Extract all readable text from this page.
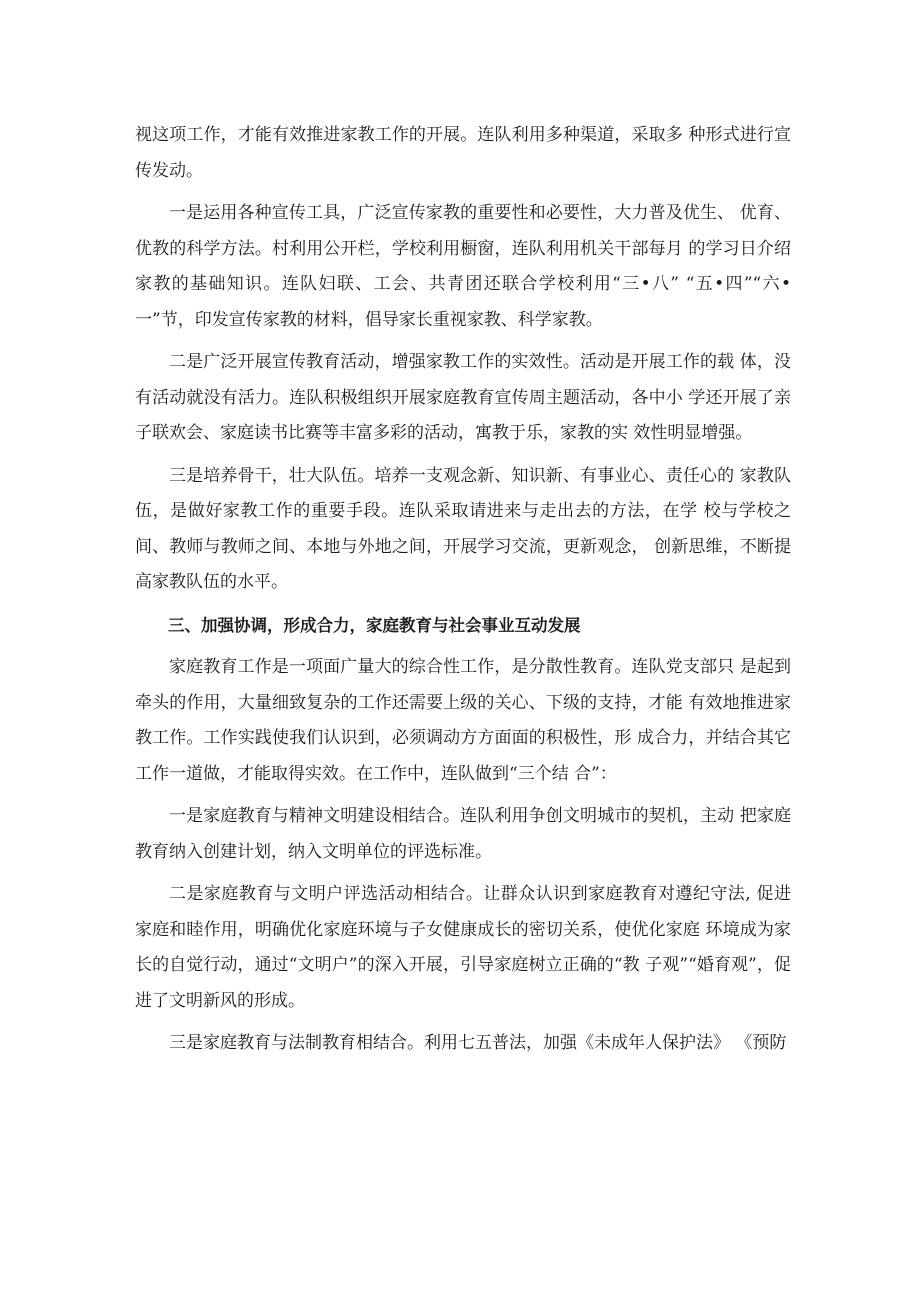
视这项工作，才能有效推进家教工作的开展。连队利用多种渠道，采取多 种形式进行宣传发动。

一是运用各种宣传工具，广泛宣传家教的重要性和必要性，大力普及优生、 优育、优教的科学方法。村利用公开栏，学校利用橱窗，连队利用机关干部每月 的学习日介绍家教的基础知识。连队妇联、工会、共青团还联合学校利用“三•八” “五•四”“六•一”节，印发宣传家教的材料，倡导家长重视家教、科学家教。

二是广泛开展宣传教育活动，增强家教工作的实效性。活动是开展工作的载 体，没有活动就没有活力。连队积极组织开展家庭教育宣传周主题活动，各中小 学还开展了亲子联欢会、家庭读书比赛等丰富多彩的活动，寓教于乐，家教的实 效性明显增强。

三是培养骨干，壮大队伍。培养一支观念新、知识新、有事业心、责任心的 家教队伍，是做好家教工作的重要手段。连队采取请进来与走出去的方法，在学 校与学校之间、教师与教师之间、本地与外地之间，开展学习交流，更新观念， 创新思维，不断提高家教队伍的水平。

三、加强协调，形成合力，家庭教育与社会事业互动发展

家庭教育工作是一项面广量大的综合性工作，是分散性教育。连队党支部只 是起到牵头的作用，大量细致复杂的工作还需要上级的关心、下级的支持，才能 有效地推进家教工作。工作实践使我们认识到，必须调动方方面面的积极性，形 成合力，并结合其它工作一道做，才能取得实效。在工作中，连队做到“三个结 合”：

一是家庭教育与精神文明建设相结合。连队利用争创文明城市的契机，主动 把家庭教育纳入创建计划，纳入文明单位的评选标准。

二是家庭教育与文明户评选活动相结合。让群众认识到家庭教育对遵纪守法, 促进家庭和睦作用，明确优化家庭环境与子女健康成长的密切关系，使优化家庭 环境成为家长的自觉行动，通过“文明户”的深入开展，引导家庭树立正确的“教 子观”“婚育观”，促进了文明新风的形成。

三是家庭教育与法制教育相结合。利用七五普法，加强《未成年人保护法》 《预防
